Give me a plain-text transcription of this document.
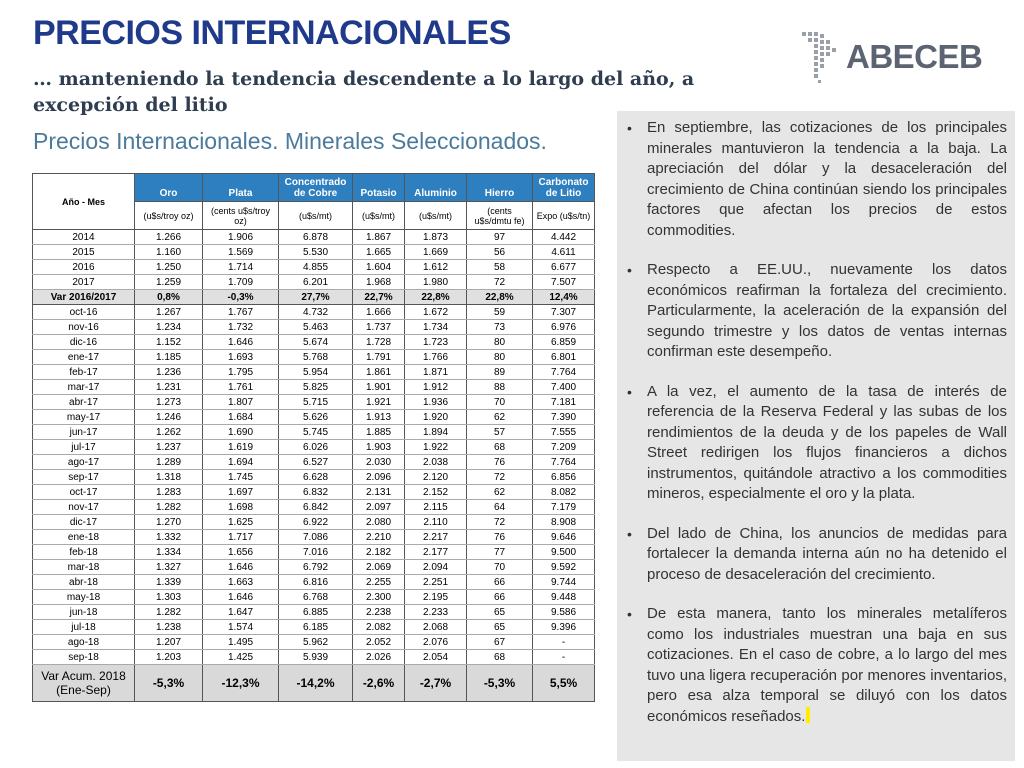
PRECIOS INTERNACIONALES
… manteniendo la tendencia descendente a lo largo del año, a excepción del litio
ABECEB
Precios Internacionales. Minerales Seleccionados.
Año - Mes	Oro	Plata	Concentrado de Cobre	Potasio	Aluminio	Hierro	Carbonato de Litio
	(u$s/troy oz)	(cents u$s/troy oz)	(u$s/mt)	(u$s/mt)	(u$s/mt)	(cents u$s/dmtu fe)	Expo (u$s/tn)
2014	1.266	1.906	6.878	1.867	1.873	97	4.442
2015	1.160	1.569	5.530	1.665	1.669	56	4.611
2016	1.250	1.714	4.855	1.604	1.612	58	6.677
2017	1.259	1.709	6.201	1.968	1.980	72	7.507
Var 2016/2017	0,8%	-0,3%	27,7%	22,7%	22,8%	22,8%	12,4%
oct-16	1.267	1.767	4.732	1.666	1.672	59	7.307
nov-16	1.234	1.732	5.463	1.737	1.734	73	6.976
dic-16	1.152	1.646	5.674	1.728	1.723	80	6.859
ene-17	1.185	1.693	5.768	1.791	1.766	80	6.801
feb-17	1.236	1.795	5.954	1.861	1.871	89	7.764
mar-17	1.231	1.761	5.825	1.901	1.912	88	7.400
abr-17	1.273	1.807	5.715	1.921	1.936	70	7.181
may-17	1.246	1.684	5.626	1.913	1.920	62	7.390
jun-17	1.262	1.690	5.745	1.885	1.894	57	7.555
jul-17	1.237	1.619	6.026	1.903	1.922	68	7.209
ago-17	1.289	1.694	6.527	2.030	2.038	76	7.764
sep-17	1.318	1.745	6.628	2.096	2.120	72	6.856
oct-17	1.283	1.697	6.832	2.131	2.152	62	8.082
nov-17	1.282	1.698	6.842	2.097	2.115	64	7.179
dic-17	1.270	1.625	6.922	2.080	2.110	72	8.908
ene-18	1.332	1.717	7.086	2.210	2.217	76	9.646
feb-18	1.334	1.656	7.016	2.182	2.177	77	9.500
mar-18	1.327	1.646	6.792	2.069	2.094	70	9.592
abr-18	1.339	1.663	6.816	2.255	2.251	66	9.744
may-18	1.303	1.646	6.768	2.300	2.195	66	9.448
jun-18	1.282	1.647	6.885	2.238	2.233	65	9.586
jul-18	1.238	1.574	6.185	2.082	2.068	65	9.396
ago-18	1.207	1.495	5.962	2.052	2.076	67	-
sep-18	1.203	1.425	5.939	2.026	2.054	68	-
Var Acum. 2018 (Ene-Sep)	-5,3%	-12,3%	-14,2%	-2,6%	-2,7%	-5,3%	5,5%
•	En septiembre, las cotizaciones de los principales minerales mantuvieron la tendencia a la baja. La apreciación del dólar y la desaceleración del crecimiento de China continúan siendo los principales factores que afectan los precios de estos commodities.
•	Respecto a EE.UU., nuevamente los datos económicos reafirman la fortaleza del crecimiento. Particularmente, la aceleración de la expansión del segundo trimestre y los datos de ventas internas confirman este desempeño.
•	A la vez, el aumento de la tasa de interés de referencia de la Reserva Federal y las subas de los rendimientos de la deuda y de los papeles de Wall Street redirigen los flujos financieros a dichos instrumentos, quitándole atractivo a los commodities mineros, especialmente el oro y la plata.
•	Del lado de China, los anuncios de medidas para fortalecer la demanda interna aún no ha detenido el proceso de desaceleración del crecimiento.
•	De esta manera, tanto los minerales metalíferos como los industriales muestran una baja en sus cotizaciones. En el caso de cobre, a lo largo del mes tuvo una ligera recuperación por menores inventarios, pero esa alza temporal se diluyó con los datos económicos reseñados.
